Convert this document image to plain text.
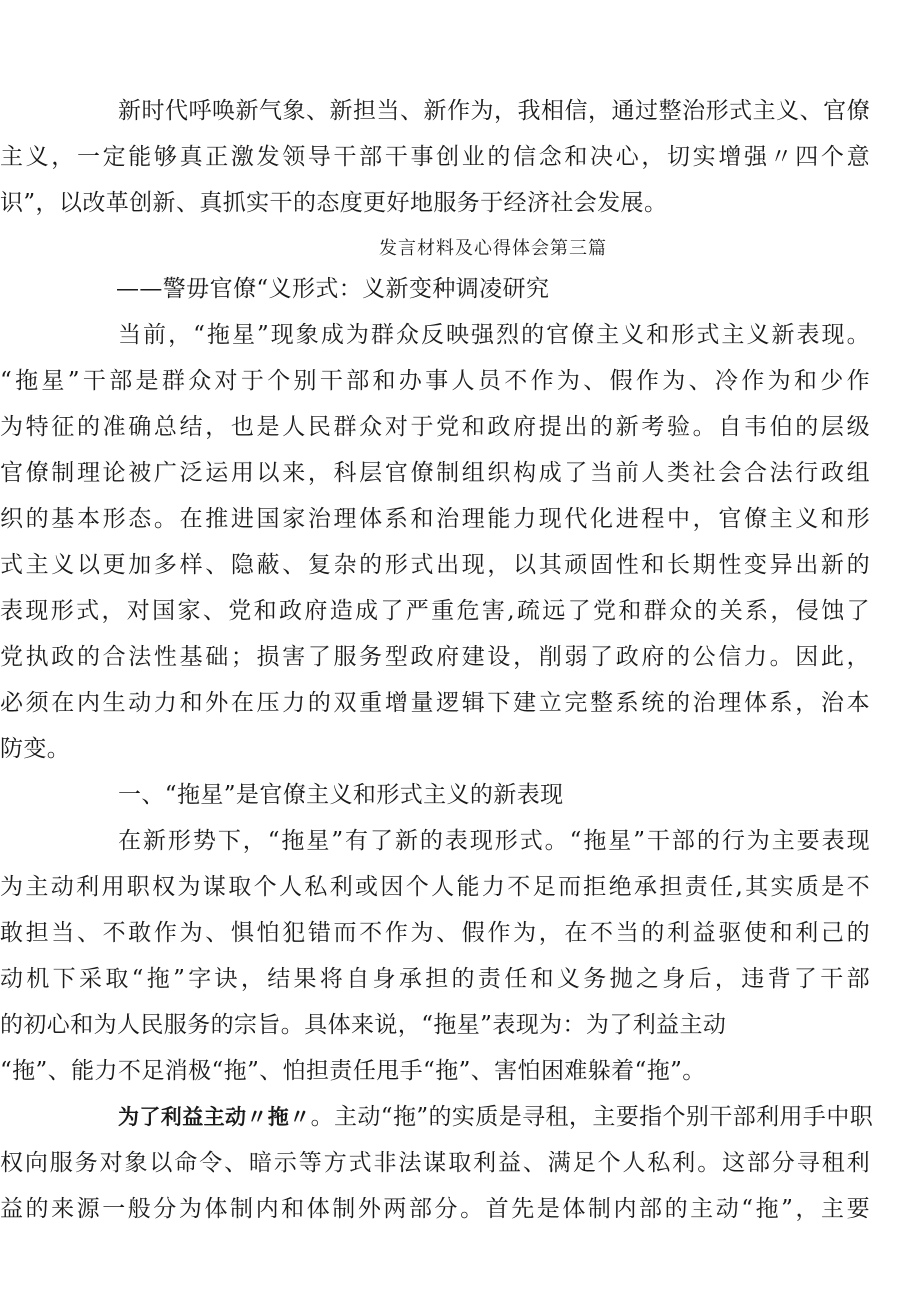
新时代呼唤新气象、新担当、新作为，我相信，通过整治形式主义、官僚
主义，一定能够真正激发领导干部干事创业的信念和决心，切实增强〃四个意
识”，以改革创新、真抓实干的态度更好地服务于经济社会发展。
发言材料及心得体会第三篇
——警毋官僚“义形式：义新变种调凌研究
当前，“拖星”现象成为群众反映强烈的官僚主义和形式主义新表现。
“拖星”干部是群众对于个别干部和办事人员不作为、假作为、冷作为和少作
为特征的准确总结，也是人民群众对于党和政府提出的新考验。自韦伯的层级
官僚制理论被广泛运用以来，科层官僚制组织构成了当前人类社会合法行政组
织的基本形态。在推进国家治理体系和治理能力现代化进程中，官僚主义和形
式主义以更加多样、隐蔽、复杂的形式出现，以其顽固性和长期性变异出新的
表现形式，对国家、党和政府造成了严重危害,疏远了党和群众的关系，侵蚀了
党执政的合法性基础；损害了服务型政府建设，削弱了政府的公信力。因此，
必须在内生动力和外在压力的双重增量逻辑下建立完整系统的治理体系，治本
防变。
一、“拖星”是官僚主义和形式主义的新表现
在新形势下，“拖星”有了新的表现形式。“拖星”干部的行为主要表现
为主动利用职权为谋取个人私利或因个人能力不足而拒绝承担责任,其实质是不
敢担当、不敢作为、惧怕犯错而不作为、假作为，在不当的利益驱使和利己的
动机下采取“拖”字诀，结果将自身承担的责任和义务抛之身后，违背了干部
的初心和为人民服务的宗旨。具体来说，“拖星”表现为：为了利益主动
“拖”、能力不足消极“拖”、怕担责任甩手“拖”、害怕困难躲着“拖”。
为了利益主动〃拖〃。主动“拖”的实质是寻租，主要指个别干部利用手中职
权向服务对象以命令、暗示等方式非法谋取利益、满足个人私利。这部分寻租利
益的来源一般分为体制内和体制外两部分。首先是体制内部的主动“拖”，主要
